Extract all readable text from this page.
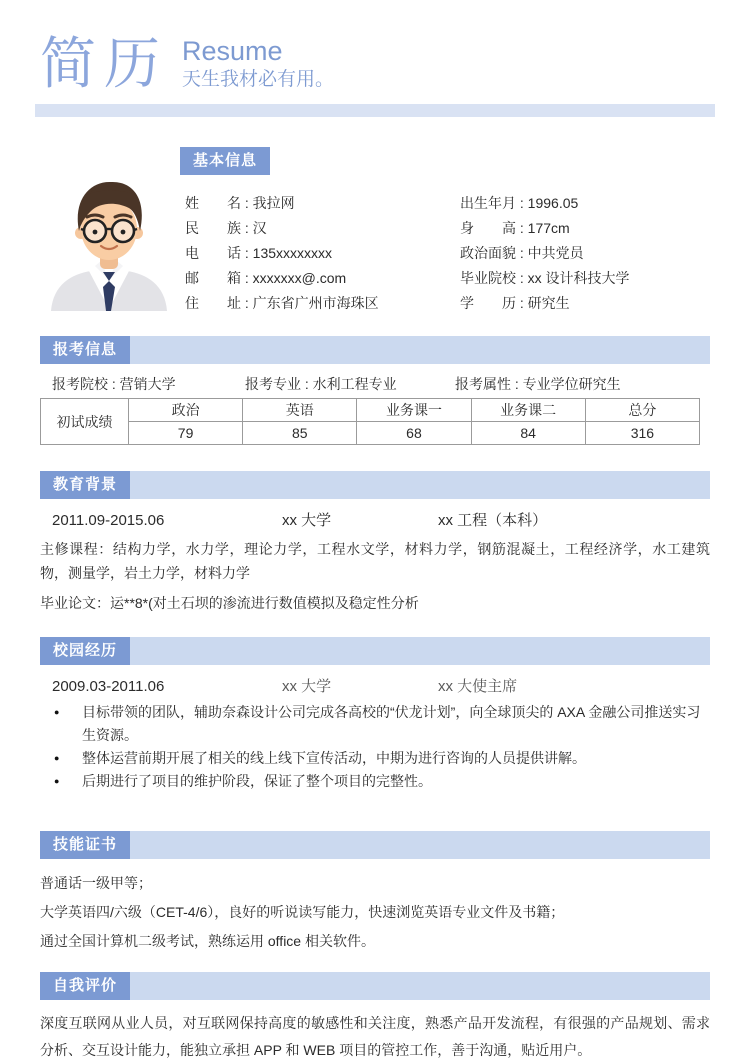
简历 Resume
天生我材必有用。
基本信息
姓　　名 : 我拉网
民　　族 : 汉
电　　话 : 135xxxxxxxx
邮　　箱 : xxxxxxx@.com
住　　址 : 广东省广州市海珠区
出生年月 : 1996.05
身　　高 : 177cm
政治面貌 : 中共党员
毕业院校 : xx 设计科技大学
学　　历 : 研究生
报考信息
报考院校 : 营销大学	报考专业 : 水利工程专业	报考属性 : 专业学位研究生
初试成绩	政治	英语	业务课一	业务课二	总分
	79	85	68	84	316
教育背景
2011.09-2015.06	xx 大学	xx 工程（本科）
主修课程：结构力学，水力学，理论力学，工程水文学，材料力学，钢筋混凝土，工程经济学，水工建筑物，测量学，岩土力学，材料力学
毕业论文：运**8*(对土石坝的渗流进行数值模拟及稳定性分析
校园经历
2009.03-2011.06	xx 大学	xx 大使主席
●	目标带领的团队，辅助奈森设计公司完成各高校的“伏龙计划”，向全球顶尖的 AXA 金融公司推送实习生资源。
●	整体运营前期开展了相关的线上线下宣传活动，中期为进行咨询的人员提供讲解。
●	后期进行了项目的维护阶段，保证了整个项目的完整性。
技能证书
普通话一级甲等；
大学英语四/六级（CET-4/6），良好的听说读写能力，快速浏览英语专业文件及书籍；
通过全国计算机二级考试，熟练运用 office 相关软件。
自我评价
深度互联网从业人员，对互联网保持高度的敏感性和关注度，熟悉产品开发流程，有很强的产品规划、需求分析、交互设计能力，能独立承担 APP 和 WEB 项目的管控工作，善于沟通，贴近用户。
